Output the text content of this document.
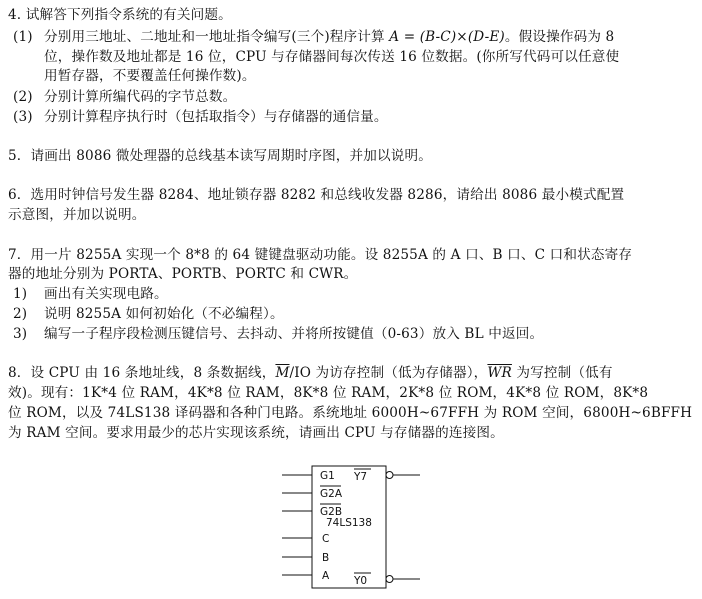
4. 试解答下列指令系统的有关问题。
(1) 分别用三地址、二地址和一地址指令编写(三个)程序计算 A = (B-C)×(D-E)。假设操作码为 8
位，操作数及地址都是 16 位，CPU 与存储器间每次传送 16 位数据。(你所写代码可以任意使
用暂存器，不要覆盖任何操作数)。
(2) 分别计算所编代码的字节总数。
(3) 分别计算程序执行时（包括取指令）与存储器的通信量。
5．请画出 8086 微处理器的总线基本读写周期时序图，并加以说明。
6．选用时钟信号发生器 8284、地址锁存器 8282 和总线收发器 8286，请给出 8086 最小模式配置
示意图，并加以说明。
7．用一片 8255A 实现一个 8*8 的 64 键键盘驱动功能。设 8255A 的 A 口、B 口、C 口和状态寄存
器的地址分别为 PORTA、PORTB、PORTC 和 CWR。
1) 画出有关实现电路。
2) 说明 8255A 如何初始化（不必编程）。
3) 编写一子程序段检测压键信号、去抖动、并将所按键值（0-63）放入 BL 中返回。
8．设 CPU 由 16 条地址线，8 条数据线，$\overline{M}/IO$ 为访存控制（低为存储器），$\overline{WR}$ 为写控制（低有
效)。现有：1K*4 位 RAM，4K*8 位 RAM，8K*8 位 RAM，2K*8 位 ROM，4K*8 位 ROM，8K*8
位 ROM，以及 74LS138 译码器和各种门电路。系统地址 6000H~67FFH 为 ROM 空间，6800H~6BFFH
为 RAM 空间。要求用最少的芯片实现该系统，请画出 CPU 与存储器的连接图。
G1
G2A
G2B
74LS138
C
B
A
Y7
Y0
